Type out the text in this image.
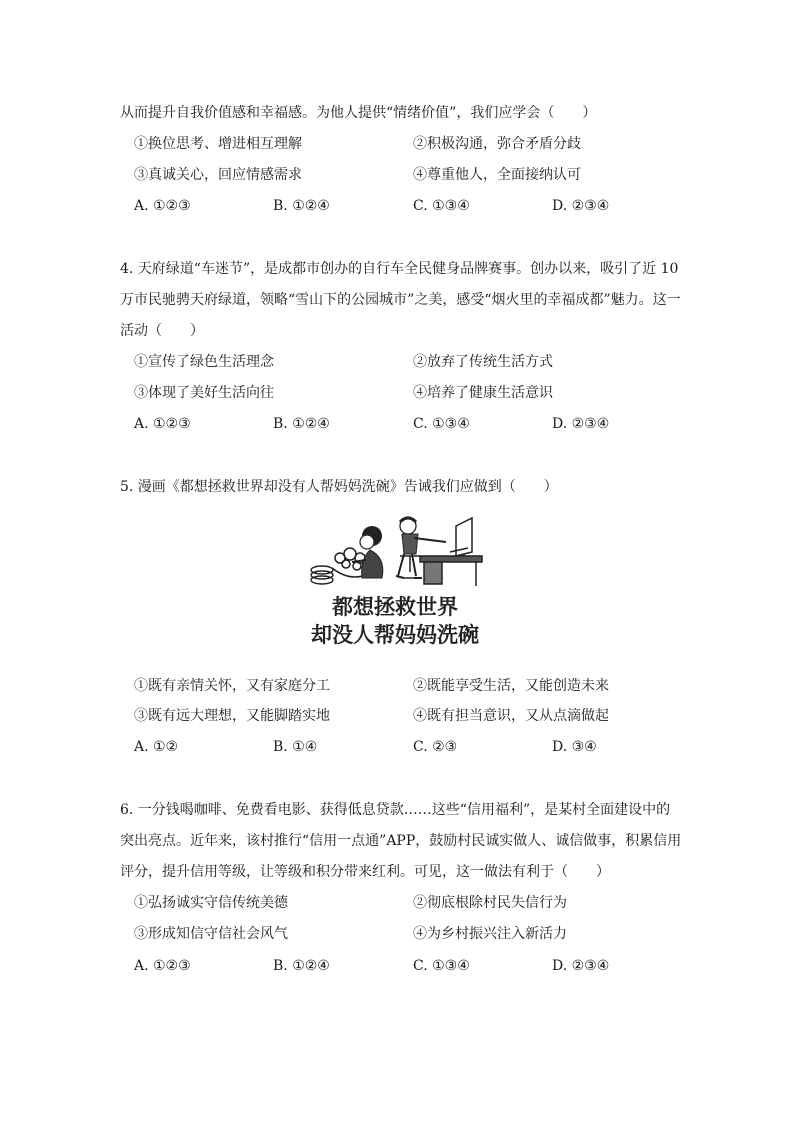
从而提升自我价值感和幸福感。为他人提供“情绪价值”，我们应学会（　　）
①换位思考、增进相互理解	②积极沟通，弥合矛盾分歧
③真诚关心，回应情感需求	④尊重他人，全面接纳认可
A. ①②③	B. ①②④	C. ①③④	D. ②③④
4. 天府绿道“车迷节”，是成都市创办的自行车全民健身品牌赛事。创办以来，吸引了近 10
万市民驰骋天府绿道，领略“雪山下的公园城市”之美，感受“烟火里的幸福成都”魅力。这一
活动（　　）
①宣传了绿色生活理念	②放弃了传统生活方式
③体现了美好生活向往	④培养了健康生活意识
A. ①②③	B. ①②④	C. ①③④	D. ②③④
5. 漫画《都想拯救世界却没有人帮妈妈洗碗》告诫我们应做到（　　）
都想拯救世界
却没人帮妈妈洗碗
①既有亲情关怀，又有家庭分工	②既能享受生活，又能创造未来
③既有远大理想，又能脚踏实地	④既有担当意识，又从点滴做起
A. ①②	B. ①④	C. ②③	D. ③④
6. 一分钱喝咖啡、免费看电影、获得低息贷款……这些“信用福利”，是某村全面建设中的
突出亮点。近年来，该村推行“信用一点通”APP，鼓励村民诚实做人、诚信做事，积累信用
评分，提升信用等级，让等级和积分带来红利。可见，这一做法有利于（　　）
①弘扬诚实守信传统美德	②彻底根除村民失信行为
③形成知信守信社会风气	④为乡村振兴注入新活力
A. ①②③	B. ①②④	C. ①③④	D. ②③④
